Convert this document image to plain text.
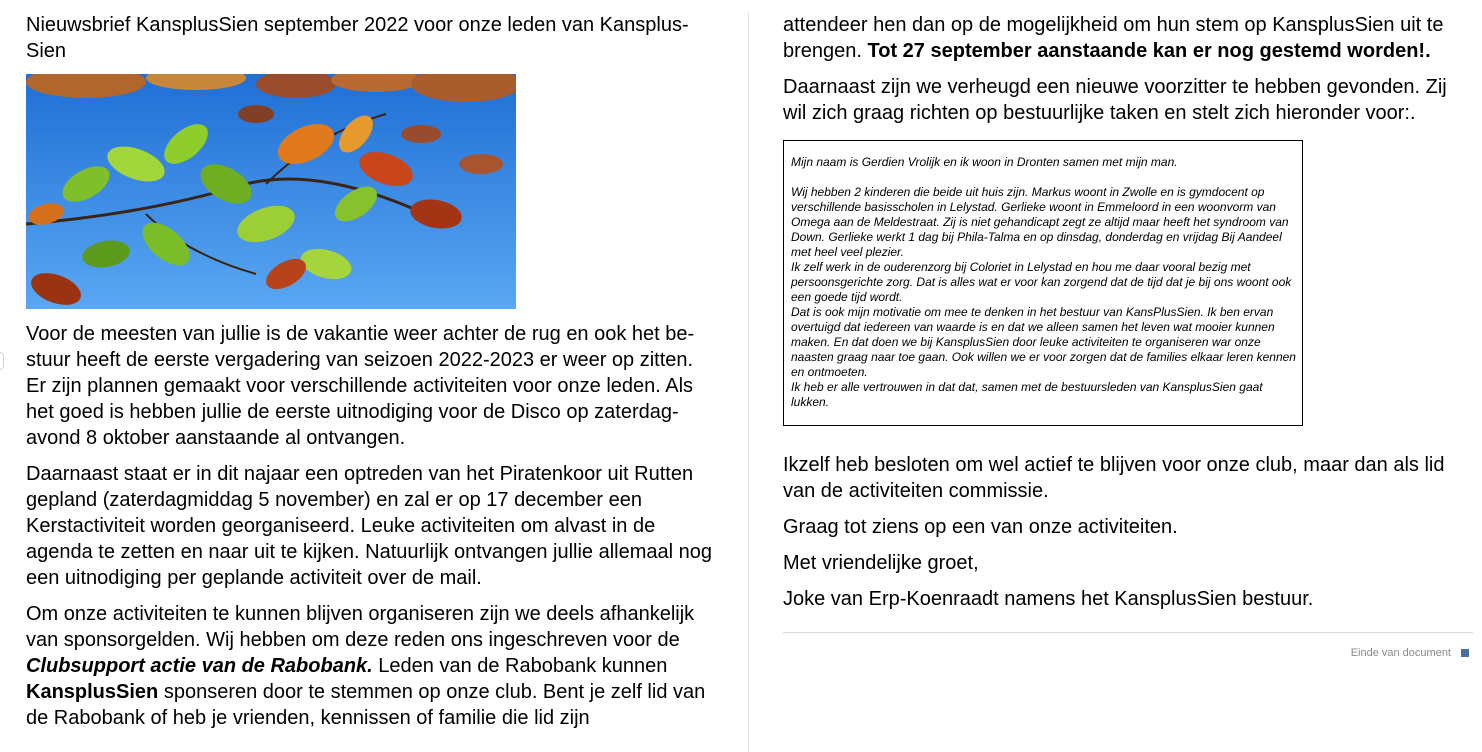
Nieuwsbrief KansplusSien september 2022 voor onze leden van Kansplus-Sien

Voor de meesten van jullie is de vakantie weer achter de rug en ook het be-stuur heeft de eerste vergadering van seizoen 2022-2023 er weer op zitten. Er zijn plannen gemaakt voor verschillende activiteiten voor onze leden. Als het goed is hebben jullie de eerste uitnodiging voor de Disco op zaterdag-avond 8 oktober aanstaande al ontvangen.

Daarnaast staat er in dit najaar een optreden van het Piratenkoor uit Rutten gepland (zaterdagmiddag 5 november) en zal er op 17 december een Kerstactiviteit worden georganiseerd. Leuke activiteiten om alvast in de agenda te zetten en naar uit te kijken. Natuurlijk ontvangen jullie allemaal nog een uitnodiging per geplande activiteit over de mail.

Om onze activiteiten te kunnen blijven organiseren zijn we deels afhankelijk van sponsorgelden. Wij hebben om deze reden ons ingeschreven voor de Clubsupport actie van de Rabobank. Leden van de Rabobank kunnen KansplusSien sponseren door te stemmen op onze club. Bent je zelf lid van de Rabobank of heb je vrienden, kennissen of familie die lid zijn

attendeer hen dan op de mogelijkheid om hun stem op KansplusSien uit te brengen. Tot 27 september aanstaande kan er nog gestemd worden!.

Daarnaast zijn we verheugd een nieuwe voorzitter te hebben gevonden. Zij wil zich graag richten op bestuurlijke taken en stelt zich hieronder voor:.

Mijn naam is Gerdien Vrolijk en ik woon in Dronten samen met mijn man.

Wij hebben 2 kinderen die beide uit huis zijn. Markus woont in Zwolle en is gymdocent op verschillende basisscholen in Lelystad. Gerlieke woont in Emmeloord in een woonvorm van Omega aan de Meldestraat. Zij is niet gehandicapt zegt ze altijd maar heeft het syndroom van Down. Gerlieke werkt 1 dag bij Phila-Talma en op dinsdag, donderdag en vrijdag Bij Aandeel met heel veel plezier.

Ik zelf werk in de ouderenzorg bij Coloriet in Lelystad en hou me daar vooral bezig met persoonsgerichte zorg. Dat is alles wat er voor kan zorgend dat de tijd dat je bij ons woont ook een goede tijd wordt.

Dat is ook mijn motivatie om mee te denken in het bestuur van KansPlusSien. Ik ben ervan overtuigd dat iedereen van waarde is en dat we alleen samen het leven wat mooier kunnen maken. En dat doen we bij KansplusSien door leuke activiteiten te organiseren war onze naasten graag naar toe gaan. Ook willen we er voor zorgen dat de families elkaar leren kennen en ontmoeten.

Ik heb er alle vertrouwen in dat dat, samen met de bestuursleden van KansplusSien gaat lukken.

Ikzelf heb besloten om wel actief te blijven voor onze club, maar dan als lid van de activiteiten commissie.

Graag tot ziens op een van onze activiteiten.

Met vriendelijke groet,

Joke van Erp-Koenraadt namens het KansplusSien bestuur.

Einde van document
